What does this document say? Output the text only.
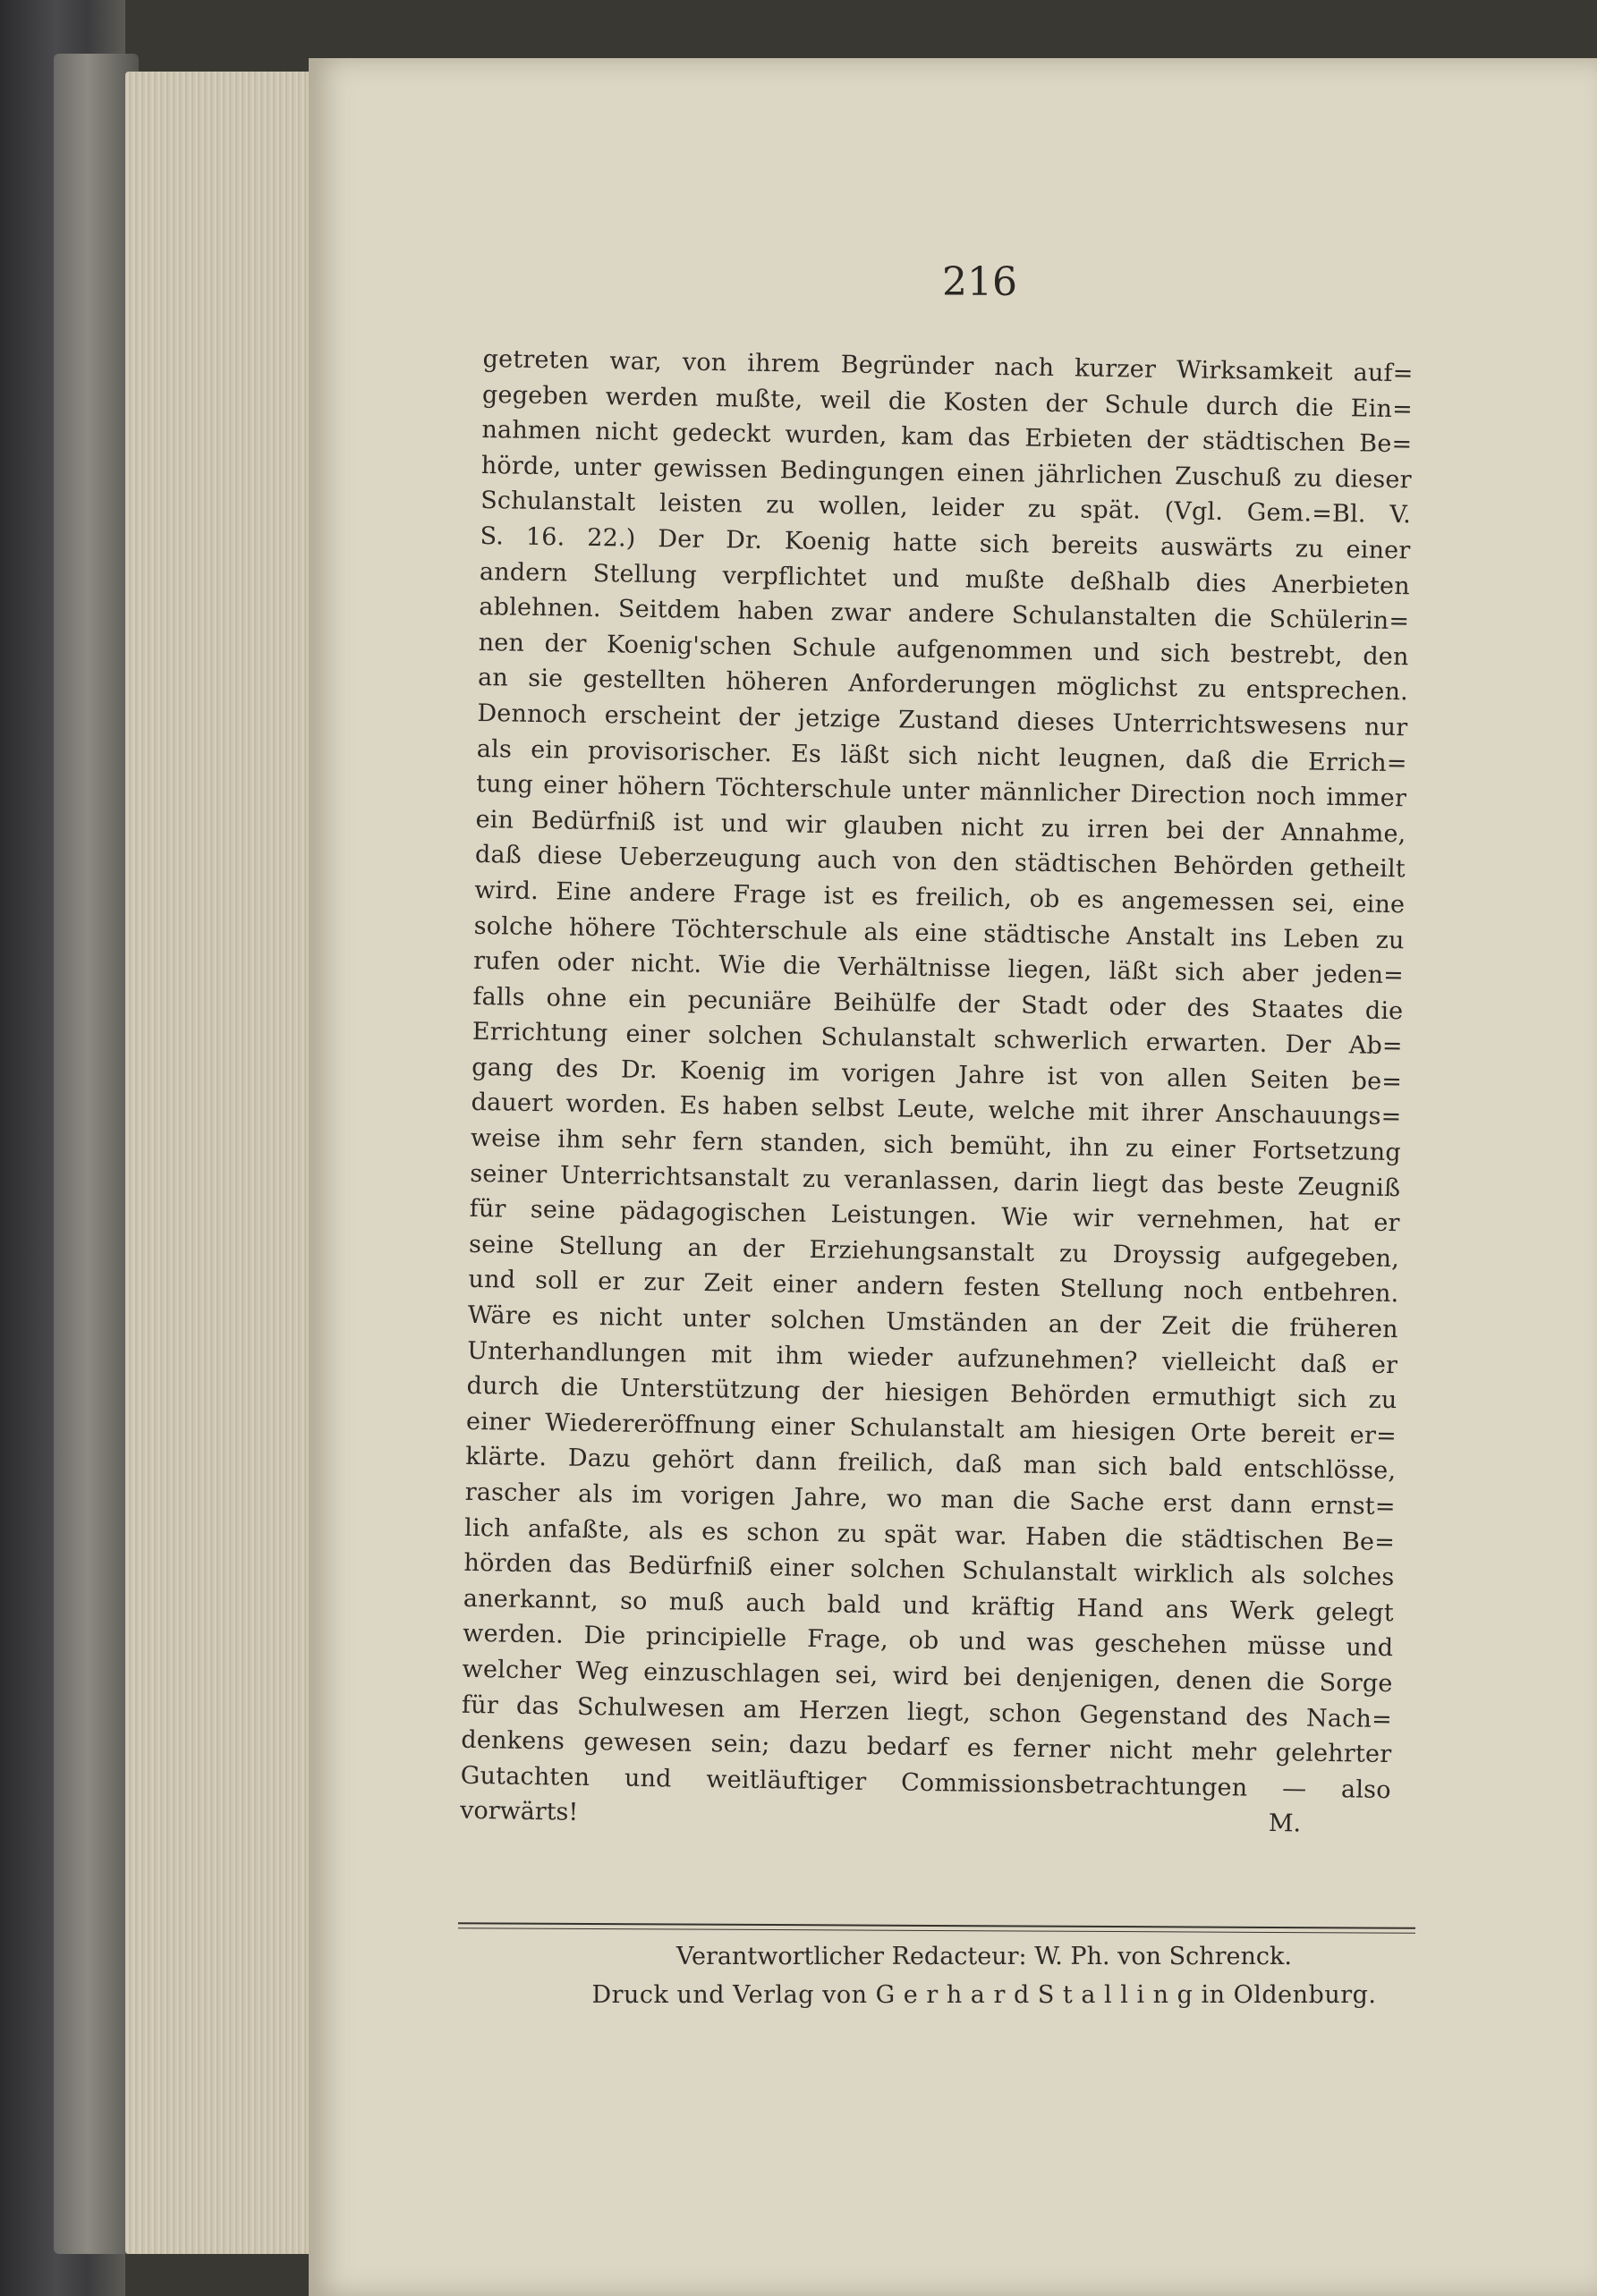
216
getreten war, von ihrem Begründer nach kurzer Wirksamkeit auf=
gegeben werden mußte, weil die Kosten der Schule durch die Ein=
nahmen nicht gedeckt wurden, kam das Erbieten der städtischen Be=
hörde, unter gewissen Bedingungen einen jährlichen Zuschuß zu dieser
Schulanstalt leisten zu wollen, leider zu spät. (Vgl. Gem.=Bl. V.
S. 16. 22.) Der Dr. Koenig hatte sich bereits auswärts zu einer
andern Stellung verpflichtet und mußte deßhalb dies Anerbieten
ablehnen. Seitdem haben zwar andere Schulanstalten die Schülerin=
nen der Koenig'schen Schule aufgenommen und sich bestrebt, den
an sie gestellten höheren Anforderungen möglichst zu entsprechen.
Dennoch erscheint der jetzige Zustand dieses Unterrichtswesens nur
als ein provisorischer. Es läßt sich nicht leugnen, daß die Errich=
tung einer höhern Töchterschule unter männlicher Direction noch immer
ein Bedürfniß ist und wir glauben nicht zu irren bei der Annahme,
daß diese Ueberzeugung auch von den städtischen Behörden getheilt
wird. Eine andere Frage ist es freilich, ob es angemessen sei, eine
solche höhere Töchterschule als eine städtische Anstalt ins Leben zu
rufen oder nicht. Wie die Verhältnisse liegen, läßt sich aber jeden=
falls ohne ein pecuniäre Beihülfe der Stadt oder des Staates die
Errichtung einer solchen Schulanstalt schwerlich erwarten. Der Ab=
gang des Dr. Koenig im vorigen Jahre ist von allen Seiten be=
dauert worden. Es haben selbst Leute, welche mit ihrer Anschauungs=
weise ihm sehr fern standen, sich bemüht, ihn zu einer Fortsetzung
seiner Unterrichtsanstalt zu veranlassen, darin liegt das beste Zeugniß
für seine pädagogischen Leistungen. Wie wir vernehmen, hat er
seine Stellung an der Erziehungsanstalt zu Droyssig aufgegeben,
und soll er zur Zeit einer andern festen Stellung noch entbehren.
Wäre es nicht unter solchen Umständen an der Zeit die früheren
Unterhandlungen mit ihm wieder aufzunehmen? vielleicht daß er
durch die Unterstützung der hiesigen Behörden ermuthigt sich zu
einer Wiedereröffnung einer Schulanstalt am hiesigen Orte bereit er=
klärte. Dazu gehört dann freilich, daß man sich bald entschlösse,
rascher als im vorigen Jahre, wo man die Sache erst dann ernst=
lich anfaßte, als es schon zu spät war. Haben die städtischen Be=
hörden das Bedürfniß einer solchen Schulanstalt wirklich als solches
anerkannt, so muß auch bald und kräftig Hand ans Werk gelegt
werden. Die principielle Frage, ob und was geschehen müsse und
welcher Weg einzuschlagen sei, wird bei denjenigen, denen die Sorge
für das Schulwesen am Herzen liegt, schon Gegenstand des Nach=
denkens gewesen sein; dazu bedarf es ferner nicht mehr gelehrter
Gutachten und weitläuftiger Commissionsbetrachtungen — also
vorwärts!	M.
Verantwortlicher Redacteur: W. Ph. von Schrenck.
Druck und Verlag von G e r h a r d S t a l l i n g in Oldenburg.
